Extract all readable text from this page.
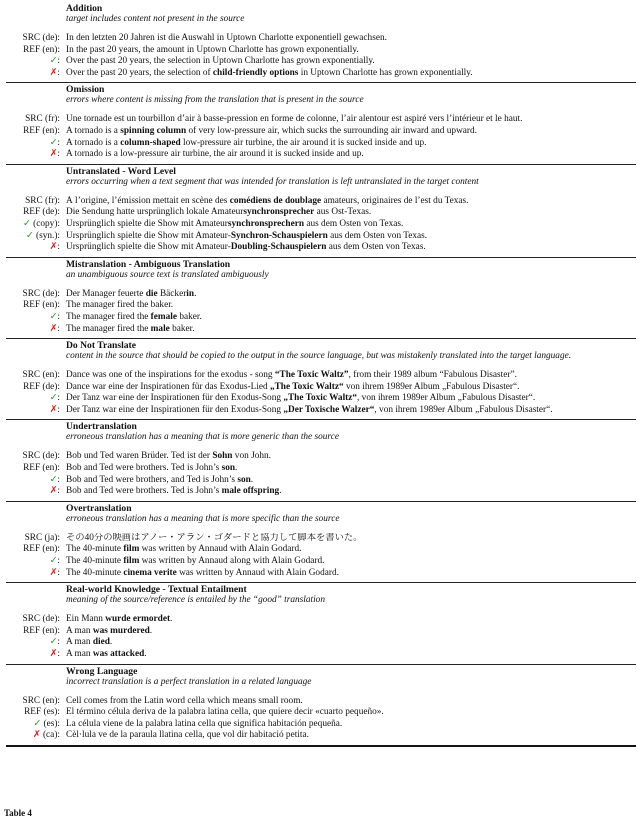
Addition
target includes content not present in the source
SRC (de): In den letzten 20 Jahren ist die Auswahl in Uptown Charlotte exponentiell gewachsen.
REF (en): In the past 20 years, the amount in Uptown Charlotte has grown exponentially.
✓: Over the past 20 years, the selection in Uptown Charlotte has grown exponentially.
✗: Over the past 20 years, the selection of child-friendly options in Uptown Charlotte has grown exponentially.
Omission
errors where content is missing from the translation that is present in the source
SRC (fr): Une tornade est un tourbillon d’air à basse-pression en forme de colonne, l’air alentour est aspiré vers l’intérieur et le haut.
REF (en): A tornado is a spinning column of very low-pressure air, which sucks the surrounding air inward and upward.
✓: A tornado is a column-shaped low-pressure air turbine, the air around it is sucked inside and up.
✗: A tornado is a low-pressure air turbine, the air around it is sucked inside and up.
Untranslated - Word Level
errors occurring when a text segment that was intended for translation is left untranslated in the target content
SRC (fr): À l’origine, l’émission mettait en scène des comédiens de doublage amateurs, originaires de l’est du Texas.
REF (de): Die Sendung hatte ursprünglich lokale Amateursynchronsprecher aus Ost-Texas.
✓ (copy): Ursprünglich spielte die Show mit Amateursynchronsprechern aus dem Osten von Texas.
✓ (syn.): Ursprünglich spielte die Show mit Amateur-Synchron-Schauspielern aus dem Osten von Texas.
✗: Ursprünglich spielte die Show mit Amateur-Doubling-Schauspielern aus dem Osten von Texas.
Mistranslation - Ambiguous Translation
an unambiguous source text is translated ambiguously
SRC (de): Der Manager feuerte die Bäckerin.
REF (en): The manager fired the baker.
✓: The manager fired the female baker.
✗: The manager fired the male baker.
Do Not Translate
content in the source that should be copied to the output in the source language, but was mistakenly translated into the target language.
SRC (en): Dance was one of the inspirations for the exodus - song “The Toxic Waltz”, from their 1989 album “Fabulous Disaster”.
REF (de): Dance war eine der Inspirationen für das Exodus-Lied „The Toxic Waltz“ von ihrem 1989er Album „Fabulous Disaster“.
✓: Der Tanz war eine der Inspirationen für den Exodus-Song „The Toxic Waltz“, von ihrem 1989er Album „Fabulous Disaster“.
✗: Der Tanz war eine der Inspirationen für den Exodus-Song „Der Toxische Walzer“, von ihrem 1989er Album „Fabulous Disaster“.
Undertranslation
erroneous translation has a meaning that is more generic than the source
SRC (de): Bob und Ted waren Brüder. Ted ist der Sohn von John.
REF (en): Bob and Ted were brothers. Ted is John’s son.
✓: Bob and Ted were brothers, and Ted is John’s son.
✗: Bob and Ted were brothers. Ted is John’s male offspring.
Overtranslation
erroneous translation has a meaning that is more specific than the source
SRC (ja): その40分の映画はアノー・アラン・ゴダードと協力して脚本を書いた。
REF (en): The 40-minute film was written by Annaud with Alain Godard.
✓: The 40-minute film was written by Annaud along with Alain Godard.
✗: The 40-minute cinema verite was written by Annaud with Alain Godard.
Real-world Knowledge - Textual Entailment
meaning of the source/reference is entailed by the “good” translation
SRC (de): Ein Mann wurde ermordet.
REF (en): A man was murdered.
✓: A man died.
✗: A man was attacked.
Wrong Language
incorrect translation is a perfect translation in a related language
SRC (en): Cell comes from the Latin word cella which means small room.
REF (es): El término célula deriva de la palabra latina cella, que quiere decir «cuarto pequeño».
✓ (es): La célula viene de la palabra latina cella que significa habitación pequeña.
✗ (ca): Cèl·lula ve de la paraula llatina cella, que vol dir habitació petita.
Table 4
